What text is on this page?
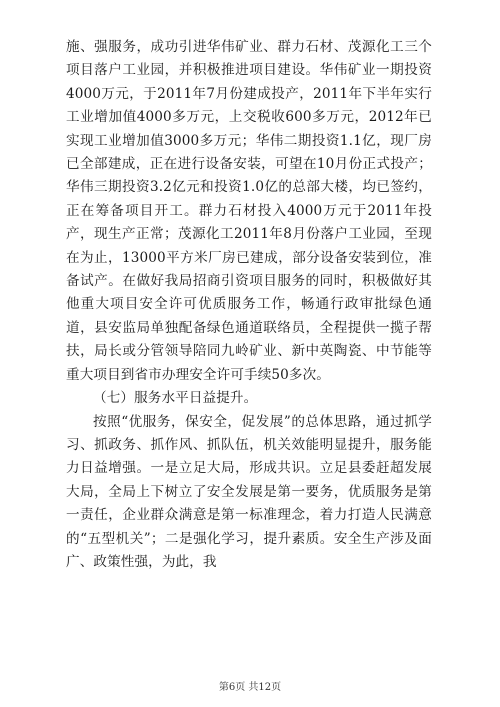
施、强服务，成功引进华伟矿业、群力石材、茂源化工三个项目落户工业园，并积极推进项目建设。华伟矿业一期投资4000万元，于2011年7月份建成投产，2011年下半年实行工业增加值4000多万元，上交税收600多万元，2012年已实现工业增加值3000多万元；华伟二期投资1.1亿，现厂房已全部建成，正在进行设备安装，可望在10月份正式投产；华伟三期投资3.2亿元和投资1.0亿的总部大楼，均已签约，正在筹备项目开工。群力石材投入4000万元于2011年投产，现生产正常；茂源化工2011年8月份落户工业园，至现在为止，13000平方米厂房已建成，部分设备安装到位，准备试产。在做好我局招商引资项目服务的同时，积极做好其他重大项目安全许可优质服务工作，畅通行政审批绿色通道，县安监局单独配备绿色通道联络员，全程提供一揽子帮扶，局长或分管领导陪同九岭矿业、新中英陶瓷、中节能等重大项目到省市办理安全许可手续50多次。

（七）服务水平日益提升。

按照“优服务，保安全，促发展”的总体思路，通过抓学习、抓政务、抓作风、抓队伍，机关效能明显提升，服务能力日益增强。一是立足大局，形成共识。立足县委赶超发展大局，全局上下树立了安全发展是第一要务，优质服务是第一责任，企业群众满意是第一标准理念，着力打造人民满意的“五型机关”；二是强化学习，提升素质。安全生产涉及面广、政策性强，为此，我

第6页 共12页
